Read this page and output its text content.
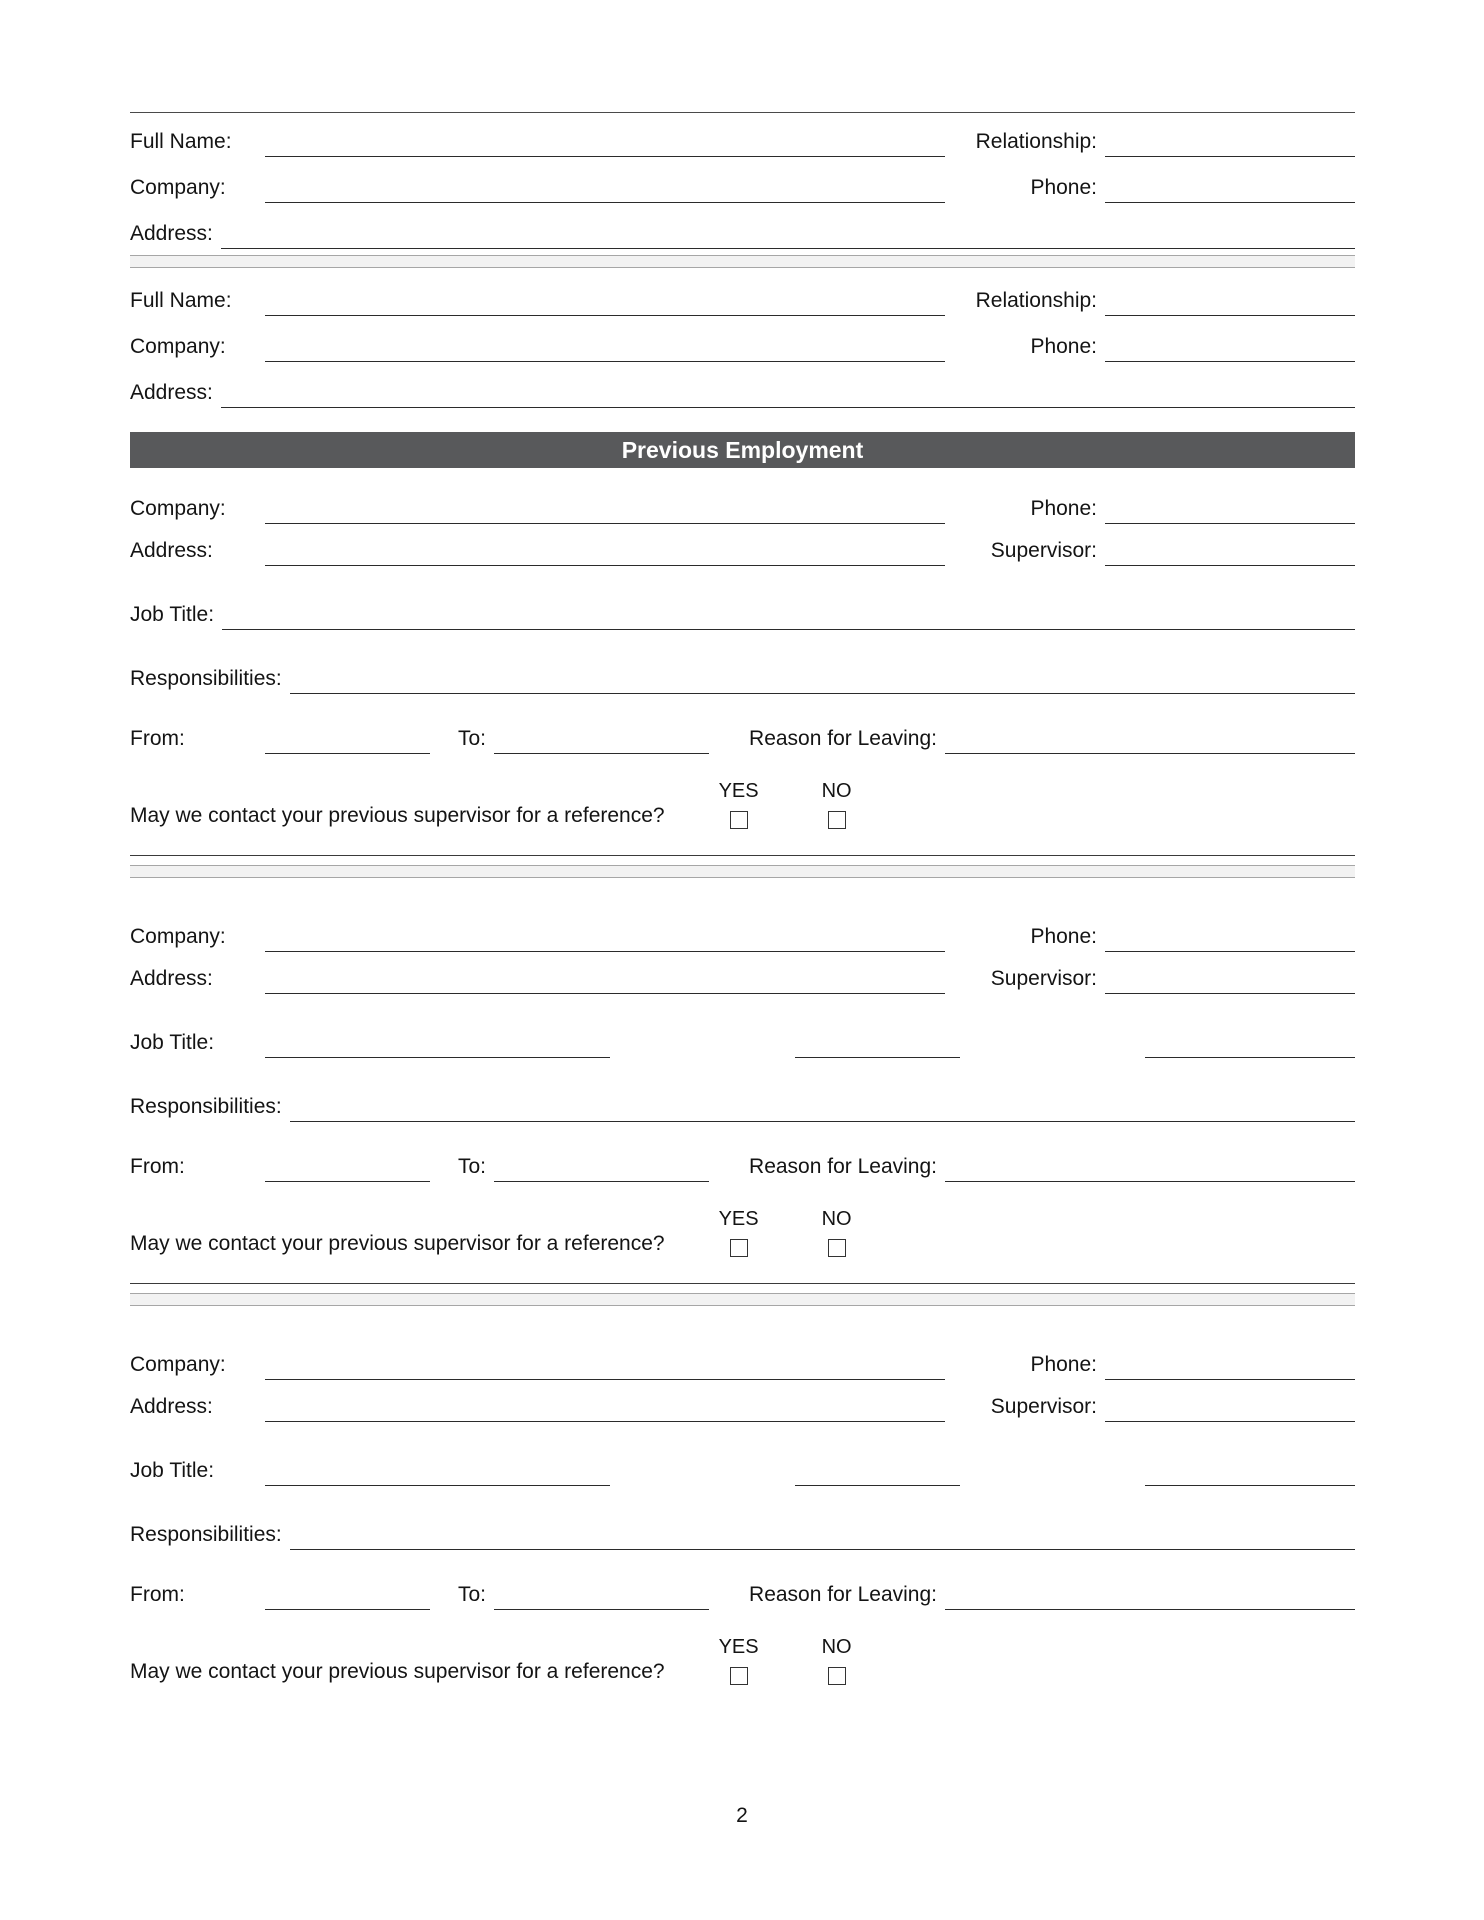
Full Name:	Relationship:
Company:	Phone:
Address:
Full Name:	Relationship:
Company:	Phone:
Address:
Previous Employment
Company:	Phone:
Address:	Supervisor:
Job Title:
Responsibilities:
From:	To:	Reason for Leaving:
May we contact your previous supervisor for a reference?
YES	NO
Company:	Phone:
Address:	Supervisor:
Job Title:
Responsibilities:
From:	To:	Reason for Leaving:
May we contact your previous supervisor for a reference?
YES	NO
Company:	Phone:
Address:	Supervisor:
Job Title:
Responsibilities:
From:	To:	Reason for Leaving:
May we contact your previous supervisor for a reference?
YES	NO
2
